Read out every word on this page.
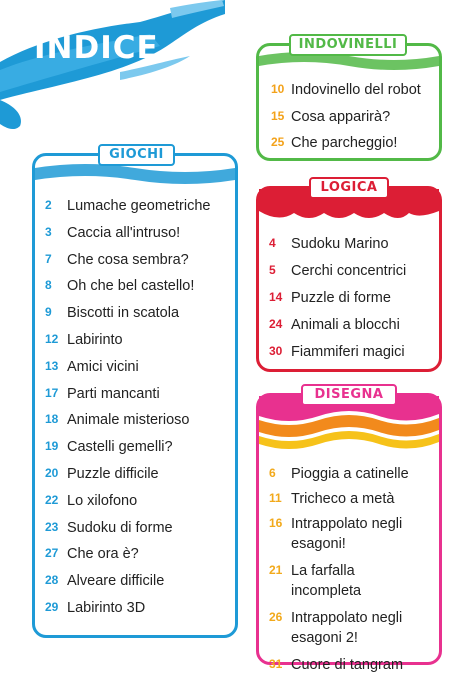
INDICE
GIOCHI
2	Lumache geometriche
3	Caccia all'intruso!
7	Che cosa sembra?
8	Oh che bel castello!
9	Biscotti in scatola
12 Labirinto
13 Amici vicini
17 Parti mancanti
18 Animale misterioso
19 Castelli gemelli?
20 Puzzle difficile
22 Lo xilofono
23 Sudoku di forme
27 Che ora è?
28 Alveare difficile
29 Labirinto 3D
INDOVINELLI
10 Indovinello del robot
15 Cosa apparirà?
25 Che parcheggio!
LOGICA
4	Sudoku Marino
5	Cerchi concentrici
14 Puzzle di forme
24 Animali a blocchi
30 Fiammiferi magici
DISEGNA
6	Pioggia a catinelle
11 Tricheco a metà
16 Intrappolato negli esagoni!
21 La farfalla incompleta
26 Intrappolato negli esagoni 2!
31 Cuore di tangram
